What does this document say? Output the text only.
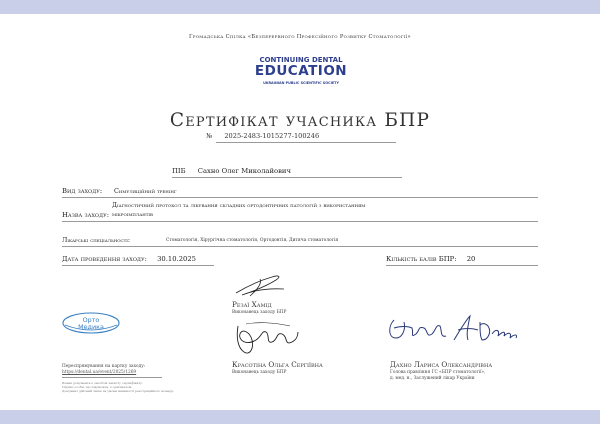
Громадська Спілка «Безперервного Професійного Розвитку Стоматології»
CONTINUING DENTAL
EDUCATION
UKRAINIAN PUBLIC SCIENTIFIC SOCIETY
Сертифікат учасника БПР
№ 2025-2483-1015277-100246
ПІБ Сахно Олег Миколайович
Вид заходу: Симуляційний тренінг
Діагностичний протокол та лікування складних ортодонтичних патологій з використанням
Назва заходу: мікроімплантів
Лікарські спеціальності:	Стоматологія, Хірургічна стоматологія, Ортодонтія, Дитяча стоматологія
Дата проведення заходу: 30.10.2025	Кількість балів БПР: 20
Орто
Медика
Переспрямування на картку заходу:
https://dental.ua/event/2025/1269
Бланк документа є засобом захисту сертифікату.
Підпис особи, що підписала, є оригіналом.
Документ дійсний лише за умови наявності реєстраційного номеру.
Резаї Хамід
Виконавець заходу БПР
Красотіна Ольга Сергіївна
Виконавець заходу БПР
Дахно Лариса Олександрівна
Голова правління ГС «БПР стоматології»,
д. мед. н., Заслужений лікар України
